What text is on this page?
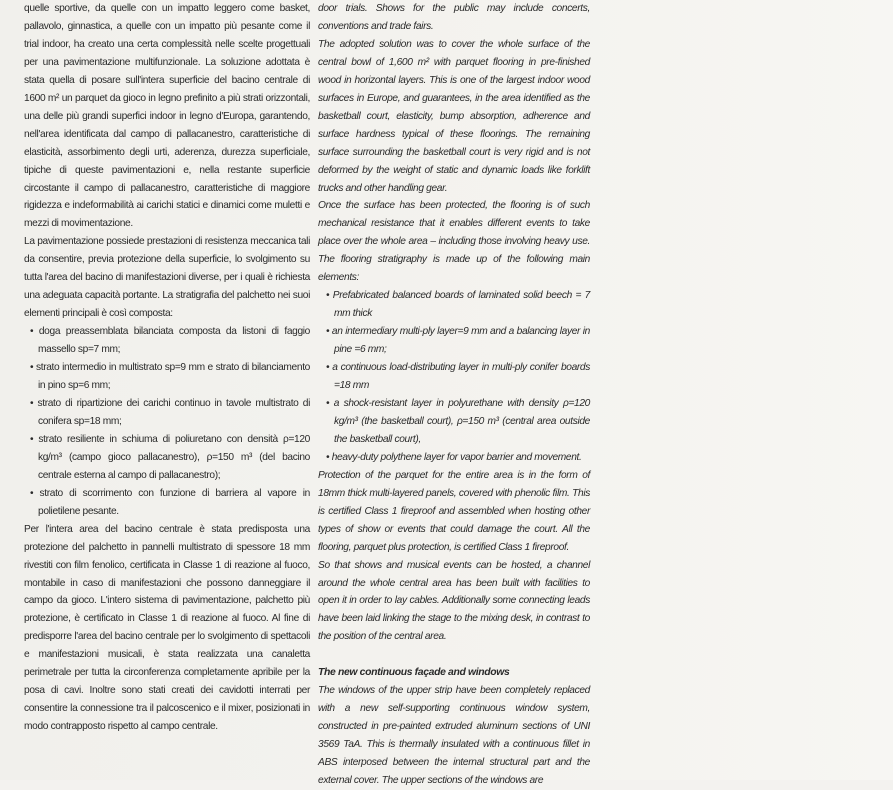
quelle sportive, da quelle con un impatto leggero come basket, pallavolo, ginnastica, a quelle con un impatto più pesante come il trial indoor, ha creato una certa complessità nelle scelte progettuali per una pavimentazione multifunzionale. La soluzione adottata è stata quella di posare sull'intera superficie del bacino centrale di 1600 m² un parquet da gioco in legno prefinito a più strati orizzontali, una delle più grandi superfici indoor in legno d'Europa, garantendo, nell'area identificata dal campo di pallacanestro, caratteristiche di elasticità, assorbimento degli urti, aderenza, durezza superficiale, tipiche di queste pavimentazioni e, nella restante superficie circostante il campo di pallacanestro, caratteristiche di maggiore rigidezza e indeformabilità ai carichi statici e dinamici come muletti e mezzi di movimentazione.

La pavimentazione possiede prestazioni di resistenza meccanica tali da consentire, previa protezione della superficie, lo svolgimento su tutta l'area del bacino di manifestazioni diverse, per i quali è richiesta una adeguata capacità portante. La stratigrafia del palchetto nei suoi elementi principali è così composta:

• doga preassemblata bilanciata composta da listoni di faggio massello sp=7 mm;

• strato intermedio in multistrato sp=9 mm e strato di bilanciamento in pino sp=6 mm;

• strato di ripartizione dei carichi continuo in tavole multistrato di conifera sp=18 mm;

• strato resiliente in schiuma di poliuretano con densità ρ=120 kg/m³ (campo gioco pallacanestro), ρ=150 m³ (del bacino centrale esterna al campo di pallacanestro);

• strato di scorrimento con funzione di barriera al vapore in polietilene pesante.

Per l'intera area del bacino centrale è stata predisposta una protezione del palchetto in pannelli multistrato di spessore 18 mm rivestiti con film fenolico, certificata in Classe 1 di reazione al fuoco, montabile in caso di manifestazioni che possono danneggiare il campo da gioco. L'intero sistema di pavimentazione, palchetto più protezione, è certificato in Classe 1 di reazione al fuoco. Al fine di predisporre l'area del bacino centrale per lo svolgimento di spettacoli e manifestazioni musicali, è stata realizzata una canaletta perimetrale per tutta la circonferenza completamente apribile per la posa di cavi. Inoltre sono stati creati dei cavidotti interrati per consentire la connessione tra il palcoscenico e il mixer, posizionati in modo contrapposto rispetto al campo centrale.

door trials. Shows for the public may include concerts, conventions and trade fairs.

The adopted solution was to cover the whole surface of the central bowl of 1,600 m² with parquet flooring in pre-finished wood in horizontal layers. This is one of the largest indoor wood surfaces in Europe, and guarantees, in the area identified as the basketball court, elasticity, bump absorption, adherence and surface hardness typical of these floorings. The remaining surface surrounding the basketball court is very rigid and is not deformed by the weight of static and dynamic loads like forklift trucks and other handling gear.

Once the surface has been protected, the flooring is of such mechanical resistance that it enables different events to take place over the whole area – including those involving heavy use. The flooring stratigraphy is made up of the following main elements:

• Prefabricated balanced boards of laminated solid beech = 7 mm thick

• an intermediary multi-ply layer=9 mm and a balancing layer in pine =6 mm;

• a continuous load-distributing layer in multi-ply conifer boards =18 mm

• a shock-resistant layer in polyurethane with density ρ=120 kg/m³ (the basketball court), ρ=150 m³ (central area outside the basketball court),

• heavy-duty polythene layer for vapor barrier and movement.

Protection of the parquet for the entire area is in the form of 18mm thick multi-layered panels, covered with phenolic film. This is certified Class 1 fireproof and assembled when hosting other types of show or events that could damage the court. All the flooring, parquet plus protection, is certified Class 1 fireproof.

So that shows and musical events can be hosted, a channel around the whole central area has been built with facilities to open it in order to lay cables. Additionally some connecting leads have been laid linking the stage to the mixing desk, in contrast to the position of the central area.

The new continuous façade and windows

The windows of the upper strip have been completely replaced with a new self-supporting continuous window system, constructed in pre-painted extruded aluminum sections of UNI 3569 TaA. This is thermally insulated with a continuous fillet in ABS interposed between the internal structural part and the external cover. The upper sections of the windows are
